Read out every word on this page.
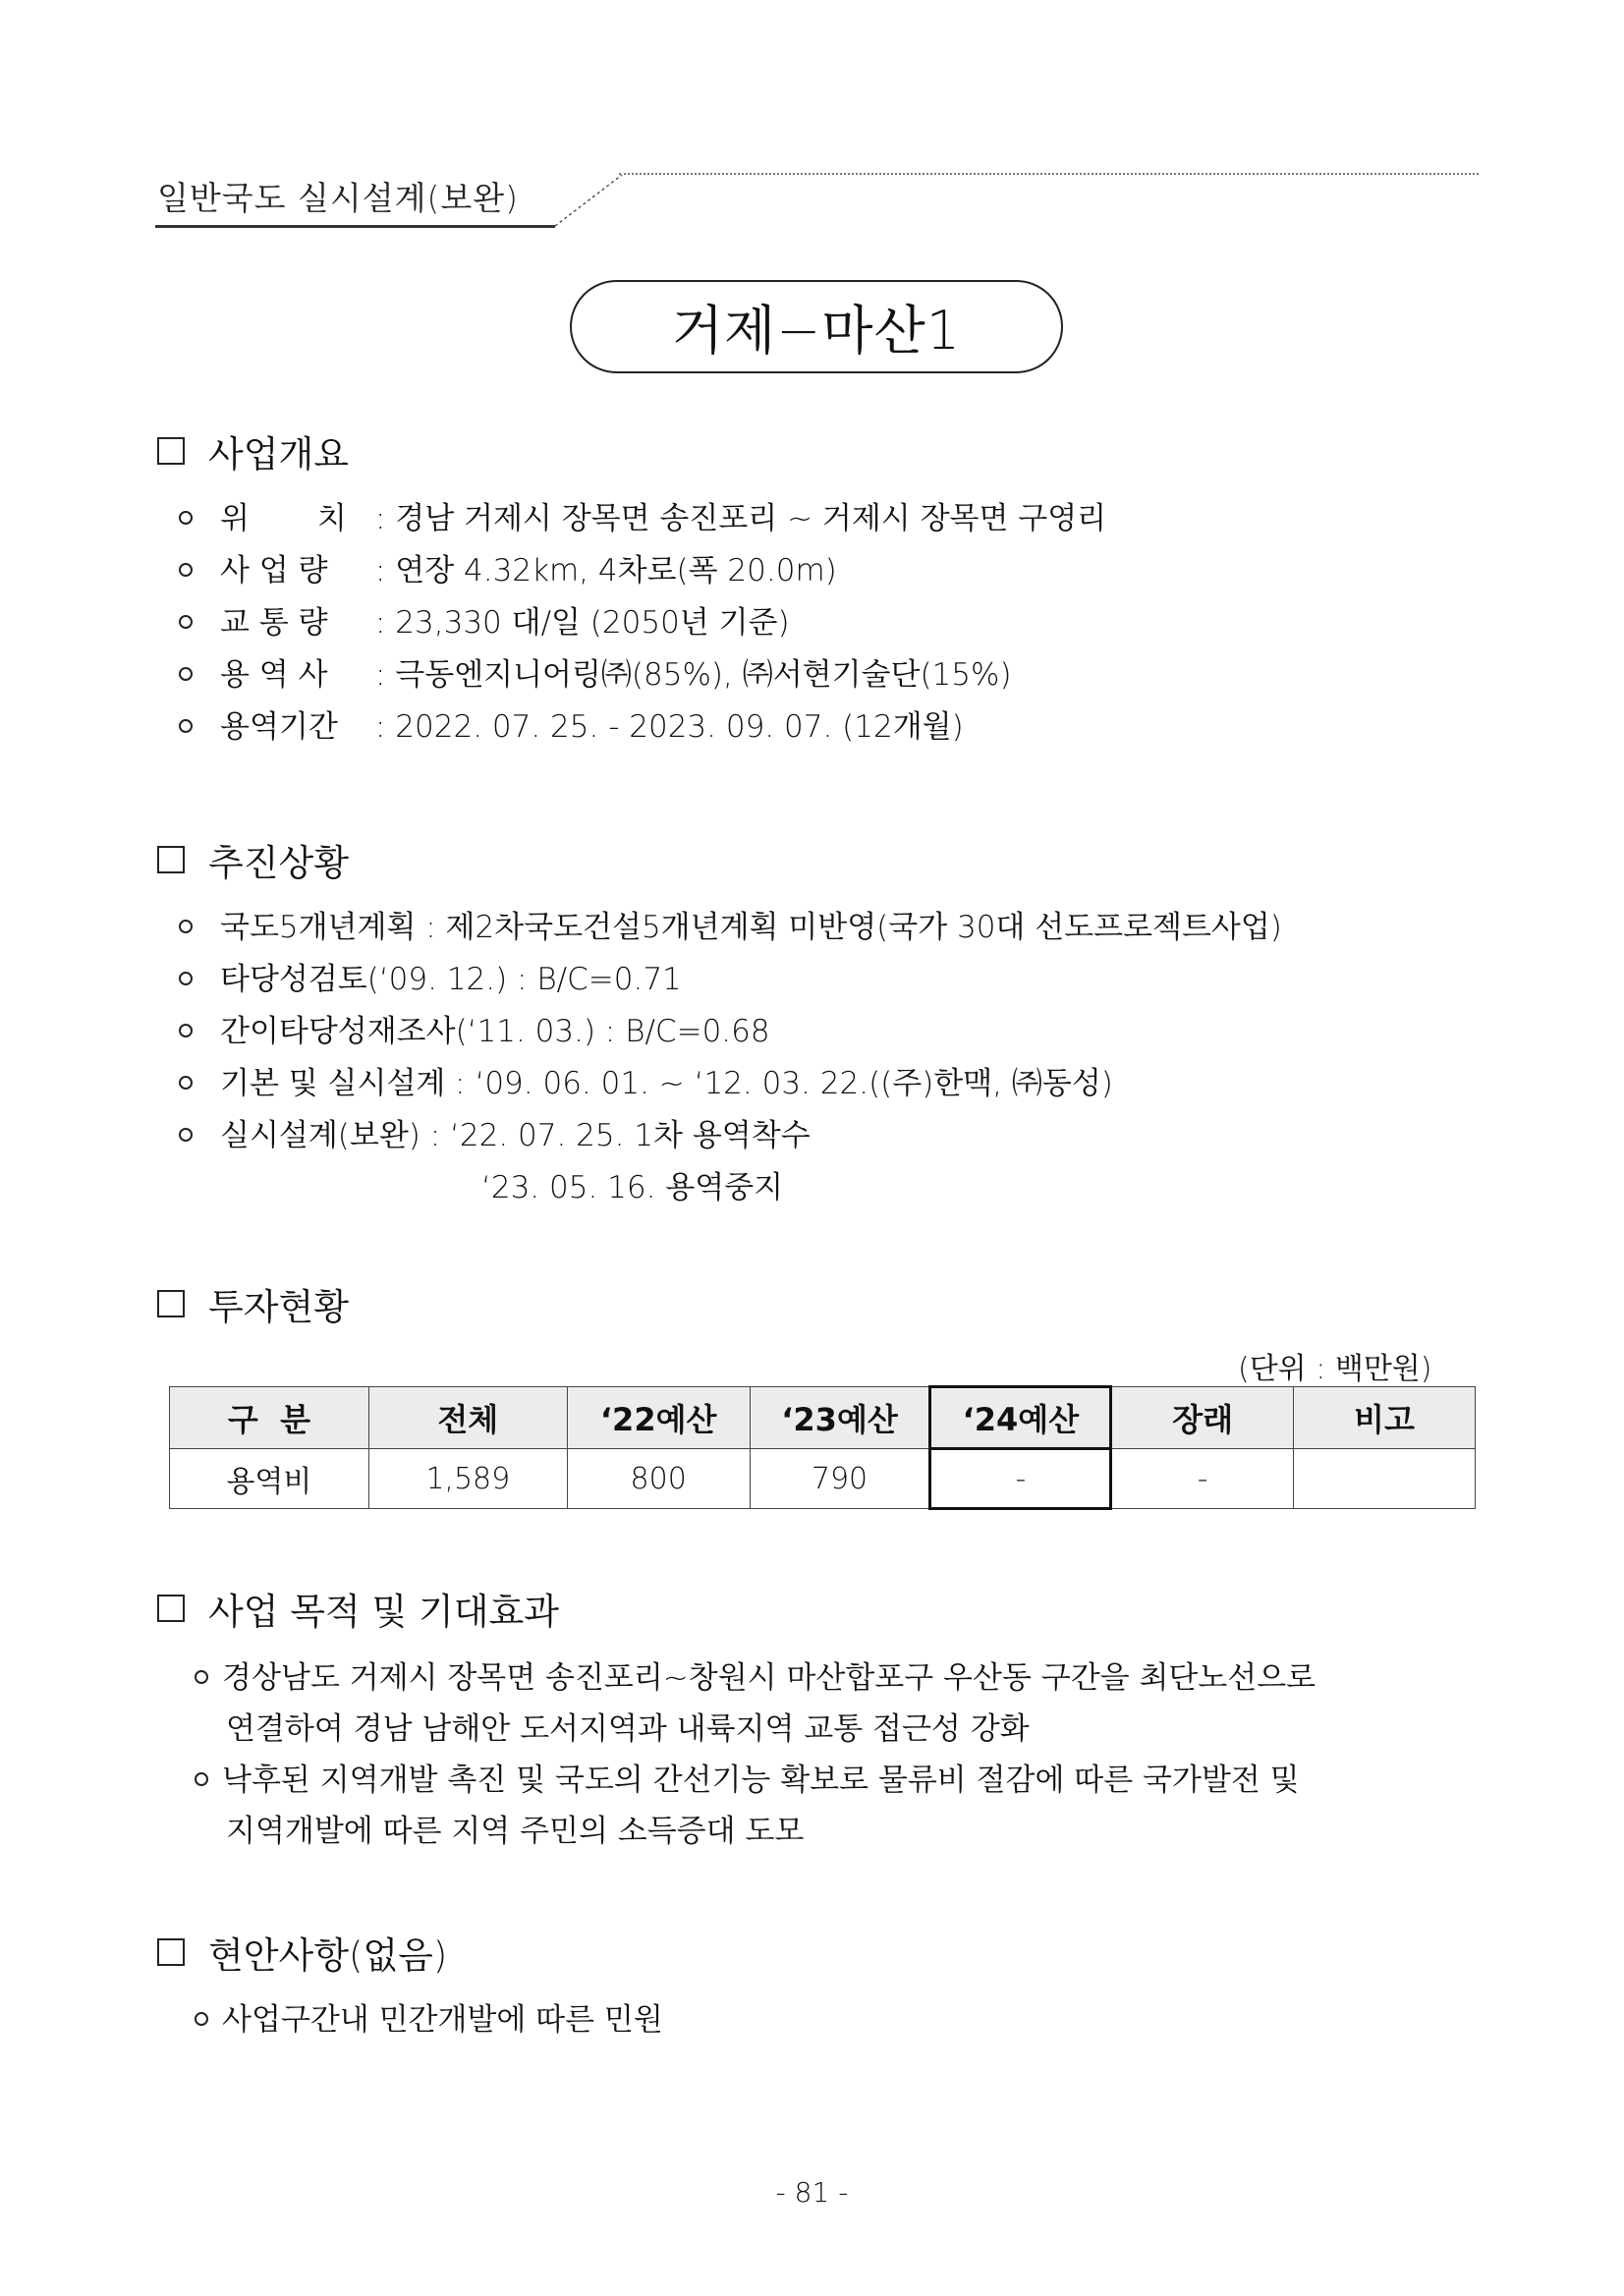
일반국도 실시설계(보완)
거제−마산1
사업개요
위       치 : 경남 거제시 장목면 송진포리 ~ 거제시 장목면 구영리
사 업 량	: 연장 4.32km, 4차로(폭 20.0m)
교 통 량	: 23,330 대/일 (2050년 기준)
용 역 사	: 극동엔지니어링㈜(85%), ㈜서현기술단(15%)
용역기간	: 2022. 07. 25. - 2023. 09. 07. (12개월)
추진상황
국도5개년계획 : 제2차국도건설5개년계획 미반영(국가 30대 선도프로젝트사업)
타당성검토(‘09. 12.) : B/C=0.71
간이타당성재조사(‘11. 03.) : B/C=0.68
기본 및 실시설계 : ‘09. 06. 01. ~ ‘12. 03. 22.((주)한맥, ㈜동성)
실시설계(보완) : ‘22. 07. 25. 1차 용역착수
‘23. 05. 16. 용역중지
투자현황
(단위 : 백만원)
구  분	전체	‘22예산	‘23예산	‘24예산	장래	비고
용역비	1,589	800	790	-	-	
사업 목적 및 기대효과
경상남도 거제시 장목면 송진포리~창원시 마산합포구 우산동 구간을 최단노선으로
연결하여 경남 남해안 도서지역과 내륙지역 교통 접근성 강화
낙후된 지역개발 촉진 및 국도의 간선기능 확보로 물류비 절감에 따른 국가발전 및
지역개발에 따른 지역 주민의 소득증대 도모
현안사항(없음)
사업구간내 민간개발에 따른 민원
- 81 -
